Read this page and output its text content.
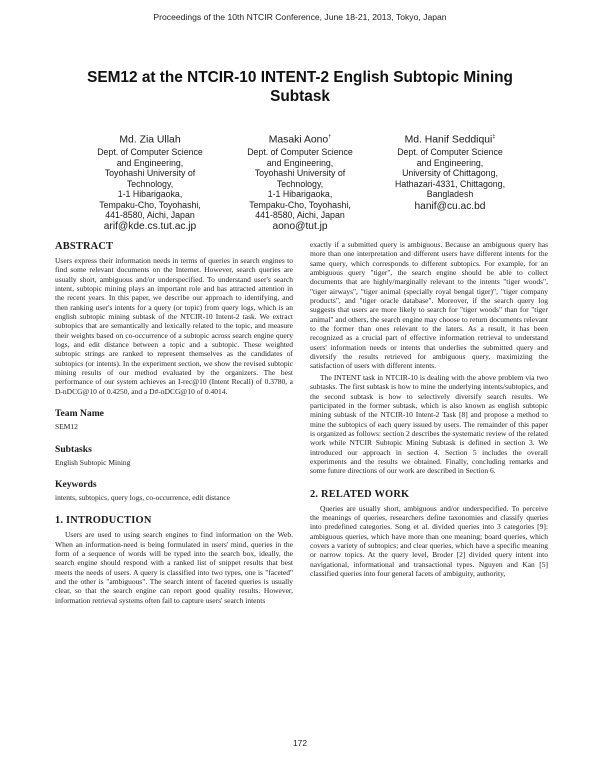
Proceedings of the 10th NTCIR Conference, June 18-21, 2013, Tokyo, Japan
SEM12 at the NTCIR-10 INTENT-2 English Subtopic Mining
Subtask
Md. Zia Ullah
Dept. of Computer Science
and Engineering,
Toyohashi University of
Technology,
1-1 Hibarigaoka,
Tempaku-Cho, Toyohashi,
441-8580, Aichi, Japan
arif@kde.cs.tut.ac.jp
Masaki Aono†
Dept. of Computer Science
and Engineering,
Toyohashi University of
Technology,
1-1 Hibarigaoka,
Tempaku-Cho, Toyohashi,
441-8580, Aichi, Japan
aono@tut.jp
Md. Hanif Seddiqui‡
Dept. of Computer Science
and Engineering,
University of Chittagong,
Hathazari-4331, Chittagong,
Bangladesh
hanif@cu.ac.bd
ABSTRACT

Users express their information needs in terms of queries in search engines to find some relevant documents on the Internet. However, search queries are usually short, ambiguous and/or underspecified. To understand user's search intent, subtopic mining plays an important role and has attracted attention in the recent years. In this paper, we describe our approach to identifying, and then ranking user's intents for a query (or topic) from query logs, which is an english subtopic mining subtask of the NTCIR-10 Intent-2 task. We extract subtopics that are semantically and lexically related to the topic, and measure their weights based on co-occurrence of a subtopic across search engine query logs, and edit distance between a topic and a subtopic. These weighted subtopic strings are ranked to represent themselves as the candidates of subtopics (or intents). In the experiment section, we show the revised subtopic mining results of our method evaluated by the organizers. The best performance of our system achieves an I-rec@10 (Intent Recall) of 0.3780, a D-nDCG@10 of 0.4250, and a D#-nDCG@10 of 0.4014.

Team Name

SEM12

Subtasks

English Subtopic Mining

Keywords

intents, subtopics, query logs, co-occurrence, edit distance

1. INTRODUCTION

Users are used to using search engines to find information on the Web. When an information-need is being formulated in users' mind, queries in the form of a sequence of words will be typed into the search box, ideally, the search engine should respond with a ranked list of snippet results that best meets the needs of users. A query is classified into two types, one is "faceted" and the other is "ambiguous". The search intent of faceted queries is usually clear, so that the search engine can report good quality results. However, information retrieval systems often fail to capture users' search intents

exactly if a submitted query is ambiguous. Because an ambiguous query has more than one interpretation and different users have different intents for the same query, which corresponds to different subtopics. For example, for an ambiguous query "tiger", the search engine should be able to collect documents that are highly/marginally relevant to the intents "tiger woods", "tiger airways", "tiger animal (specially royal bengal tiger)", "tiger company products", and "tiger oracle database". Moreover, if the search query log suggests that users are more likely to search for "tiger woods" than for "tiger animal" and others, the search engine may choose to return documents relevant to the former than ones relevant to the laters. As a result, it has been recognized as a crucial part of effective information retrieval to understand users' information needs or intents that underlies the submitted query and diversify the results retrieved for ambiguous query, maximizing the satisfaction of users with different intents.

The INTENT task in NTCIR-10 is dealing with the above problem via two subtasks. The first subtask is how to mine the underlying intents/subtopics, and the second subtask is how to selectively diversify search results. We participated in the former subtask, which is also known as english subtopic mining subtask of the NTCIR-10 Intent-2 Task [8] and propose a method to mine the subtopics of each query issued by users. The remainder of this paper is organized as follows: section 2 describes the systematic review of the related work while NTCIR Subtopic Mining Subtask is defined in section 3. We introduced our approach in section 4. Section 5 includes the overall experiments and the results we obtained. Finally, concluding remarks and some future directions of our work are described in Section 6.

2. RELATED WORK

Queries are usually short, ambiguous and/or underspecified. To perceive the meanings of queries, researchers define taxonomies and classify queries into predefined categories. Song et al. divided queries into 3 categories [9]: ambiguous queries, which have more than one meaning; board queries, which covers a variety of subtopics; and clear queries, which have a specific meaning or narrow topics. At the query level, Broder [2] divided query intent into navigational, informational and transactional types. Nguyen and Kan [5] classified queries into four general facets of ambiguity, authority,

172
